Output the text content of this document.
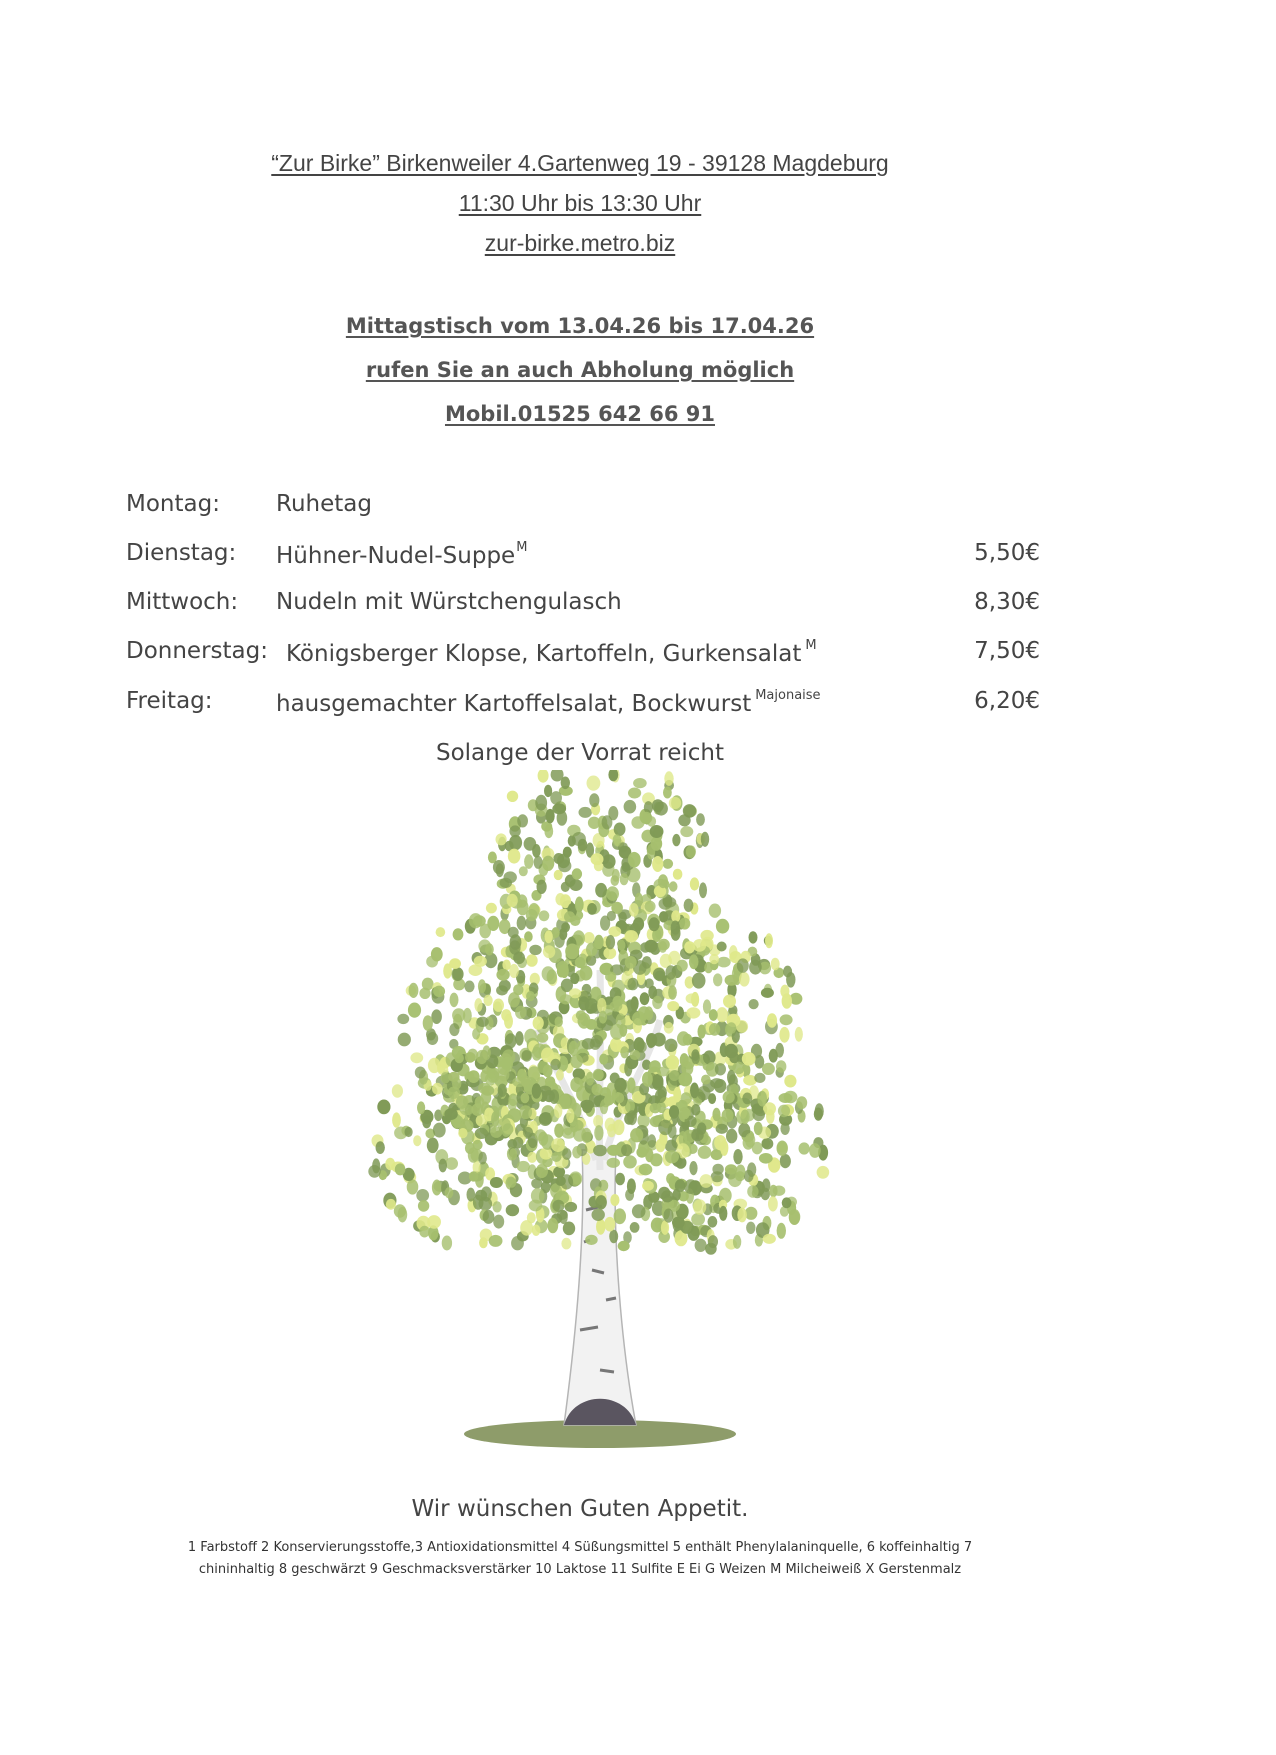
“Zur Birke” Birkenweiler 4.Gartenweg 19 - 39128 Magdeburg
11:30 Uhr bis 13:30 Uhr
zur-birke.metro.biz
Mittagstisch vom 13.04.26 bis 17.04.26
rufen Sie an auch Abholung möglich
Mobil.01525 642 66 91
Montag: Ruhetag
Dienstag: Hühner-Nudel-Suppe$^M$	5,50€
Mittwoch: Nudeln mit Würstchengulasch	8,30€
Donnerstag: Königsberger Klopse, Kartoffeln, Gurkensalat $^M$	7,50€
Freitag:	hausgemachter Kartoffelsalat, Bockwurst $^{Majonaise}$	6,20€
Solange der Vorrat reicht
Wir wünschen Guten Appetit.
1 Farbstoff 2 Konservierungsstoffe,3 Antioxidationsmittel 4 Süßungsmittel 5 enthält Phenylalaninquelle, 6 koffeinhaltig 7
chininhaltig 8 geschwärzt 9 Geschmacksverstärker 10 Laktose 11 Sulfite E Ei G Weizen M Milcheiweiß X Gerstenmalz
